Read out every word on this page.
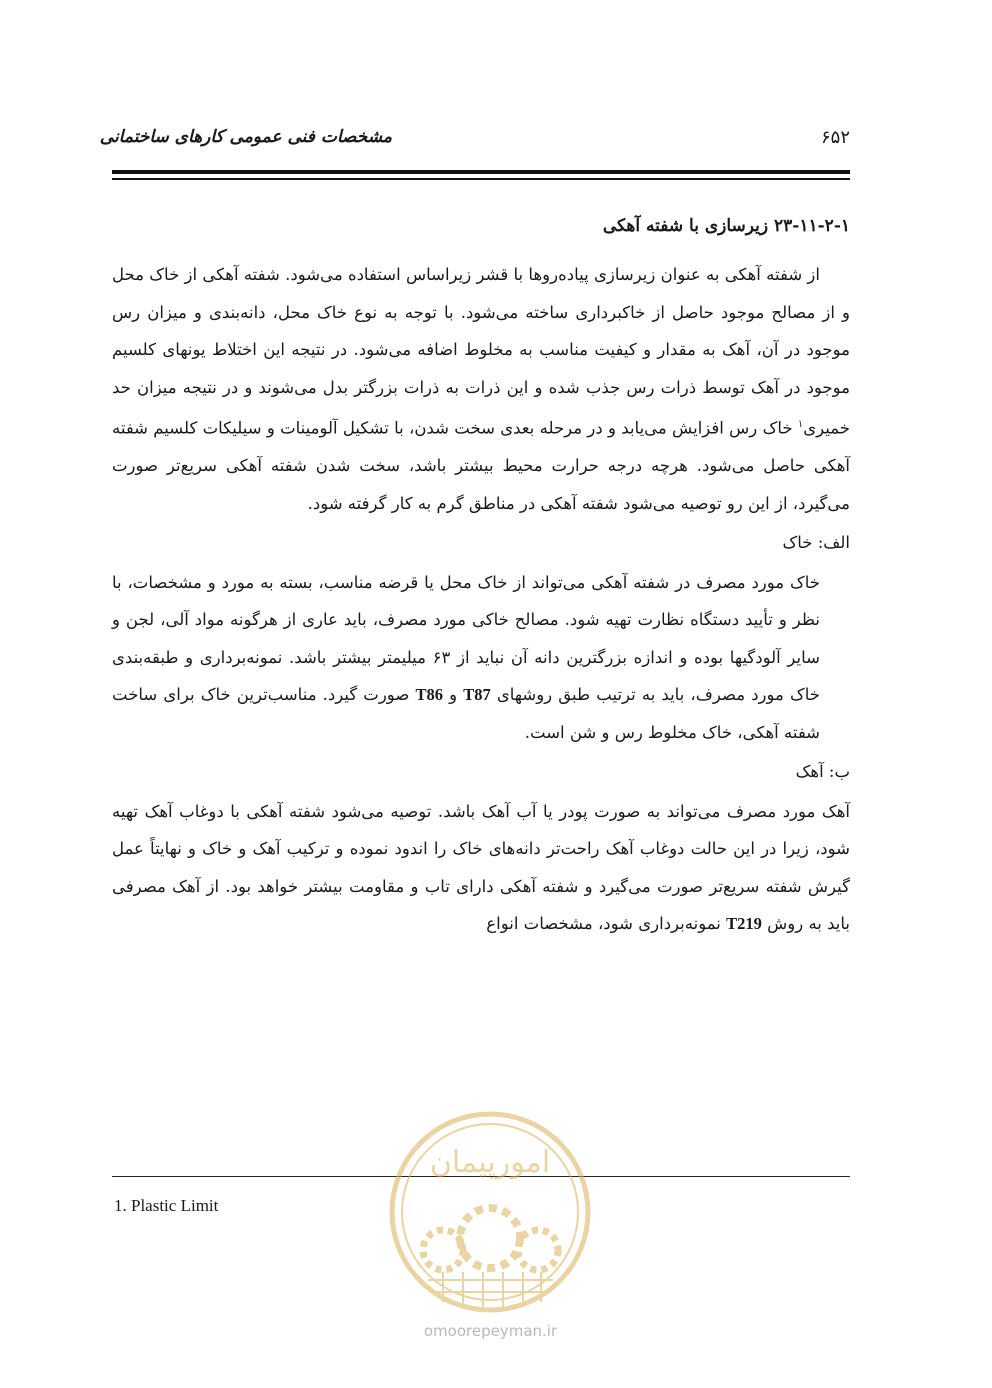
۶۵۲
مشخصات فنی عمومی کارهای ساختمانی
۲۳-۱۱-۲-۱ زیرسازی با شفته آهکی

از شفته آهکی به عنوان زیرسازی پیاده‌روها با قشر زیراساس استفاده می‌شود. شفته آهکی از خاک محل و از مصالح موجود حاصل از خاکبرداری ساخته می‌شود. با توجه به نوع خاک محل، دانه‌بندی و میزان رس موجود در آن، آهک به مقدار و کیفیت مناسب به مخلوط اضافه می‌شود. در نتیجه این اختلاط یونهای کلسیم موجود در آهک توسط ذرات رس جذب شده و این ذرات به ذرات بزرگتر بدل می‌شوند و در نتیجه میزان حد خمیری$^۱$ خاک رس افزایش می‌یابد و در مرحله بعدی سخت شدن، با تشکیل آلومینات و سیلیکات کلسیم شفته آهکی حاصل می‌شود. هرچه درجه حرارت محیط بیشتر باشد، سخت شدن شفته آهکی سریع‌تر صورت می‌گیرد، از این رو توصیه می‌شود شفته آهکی در مناطق گرم به کار گرفته شود.

الف: خاک

خاک مورد مصرف در شفته آهکی می‌تواند از خاک محل یا قرضه مناسب، بسته به مورد و مشخصات، با نظر و تأیید دستگاه نظارت تهیه شود. مصالح خاکی مورد مصرف، باید عاری از هرگونه مواد آلی، لجن و سایر آلودگیها بوده و اندازه بزرگترین دانه آن نباید از ۶۳ میلیمتر بیشتر باشد. نمونه‌برداری و طبقه‌بندی خاک مورد مصرف، باید به ترتیب طبق روشهای T87 و T86 صورت گیرد. مناسب‌ترین خاک برای ساخت شفته آهکی، خاک مخلوط رس و شن است.

ب: آهک

آهک مورد مصرف می‌تواند به صورت پودر یا آب آهک باشد. توصیه می‌شود شفته آهکی با دوغاب آهک تهیه شود، زیرا در این حالت دوغاب آهک راحت‌تر دانه‌های خاک را اندود نموده و ترکیب آهک و خاک و نهایتاً عمل گیرش شفته سریع‌تر صورت می‌گیرد و شفته آهکی دارای تاب و مقاومت بیشتر خواهد بود. از آهک مصرفی باید به روش T219 نمونه‌برداری شود، مشخصات انواع

1. Plastic Limit
امورپیمان
omoorepeyman.ir
